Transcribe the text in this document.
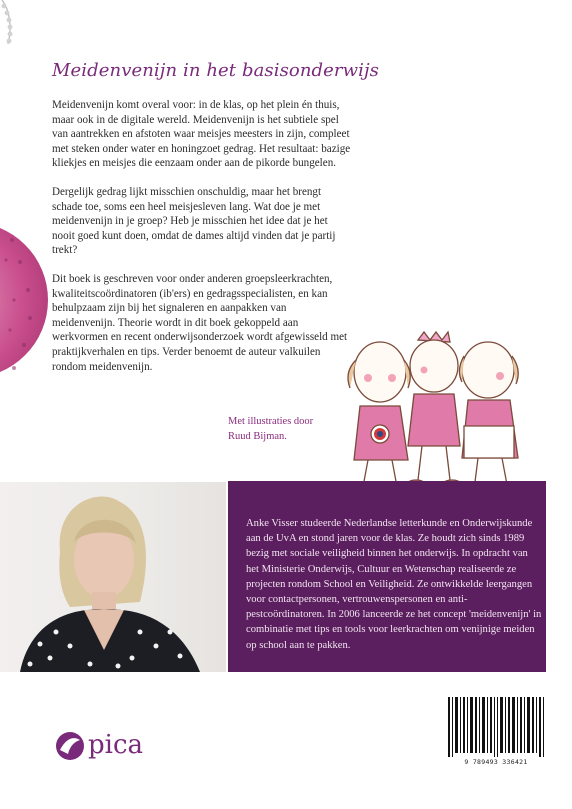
Meidenvenijn in het basisonderwijs

Meidenvenijn komt overal voor: in de klas, op het plein én thuis, maar ook in de digitale wereld. Meidenvenijn is het subtiele spel van aantrekken en afstoten waar meisjes meesters in zijn, compleet met steken onder water en honingzoet gedrag. Het resultaat: bazige kliekjes en meisjes die eenzaam onder aan de pikorde bungelen.

Dergelijk gedrag lijkt misschien onschuldig, maar het brengt schade toe, soms een heel meisjesleven lang. Wat doe je met meidenvenijn in je groep? Heb je misschien het idee dat je het nooit goed kunt doen, omdat de dames altijd vinden dat je partij trekt?

Dit boek is geschreven voor onder anderen groepsleerkrachten, kwaliteitscoördinatoren (ib'ers) en gedragsspecialisten, en kan behulpzaam zijn bij het signaleren en aanpakken van meidenvenijn. Theorie wordt in dit boek gekoppeld aan werkvormen en recent onderwijsonderzoek wordt afgewisseld met praktijkverhalen en tips. Verder benoemt de auteur valkuilen rondom meidenvenijn.

Met illustraties door
Ruud Bijman.
Anke Visser studeerde Nederlandse letterkunde en Onderwijskunde aan de UvA en stond jaren voor de klas. Ze houdt zich sinds 1989 bezig met sociale veiligheid binnen het onderwijs. In opdracht van het Ministerie Onderwijs, Cultuur en Wetenschap realiseerde ze projecten rondom School en Veiligheid. Ze ontwikkelde leergangen voor contactpersonen, vertrouwenspersonen en anti-pestcoördinatoren. In 2006 lanceerde ze het concept 'meidenvenijn' in combinatie met tips en tools voor leerkrachten om venijnige meiden op school aan te pakken.
pica
9 789493 336421
